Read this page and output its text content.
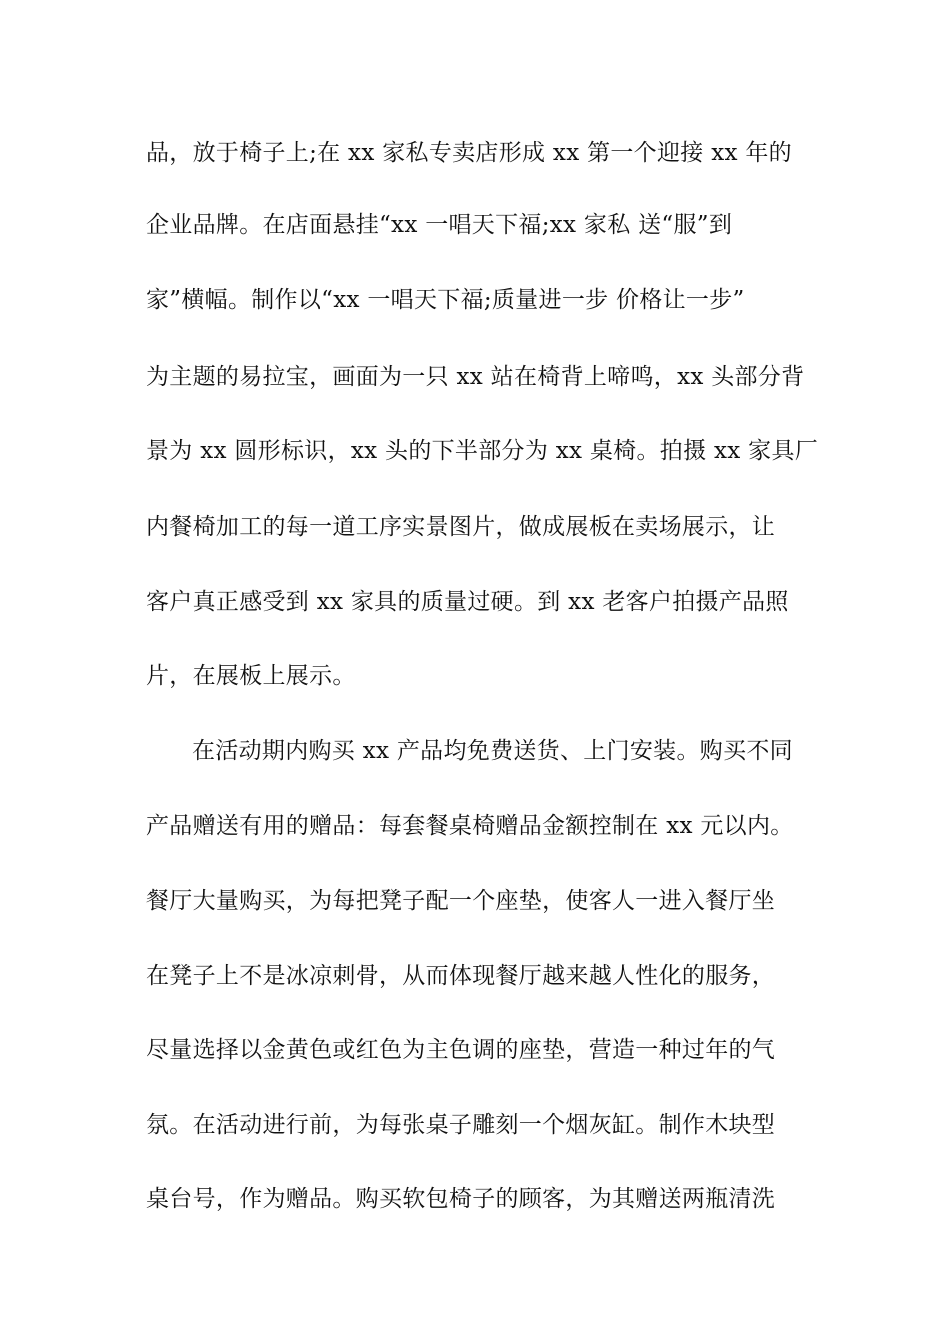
品，放于椅子上;在 xx 家私专卖店形成 xx 第一个迎接 xx 年的

企业品牌。在店面悬挂“xx 一唱天下福;xx 家私 送“服”到

家”横幅。制作以“xx 一唱天下福;质量进一步 价格让一步”

为主题的易拉宝，画面为一只 xx 站在椅背上啼鸣，xx 头部分背

景为 xx 圆形标识，xx 头的下半部分为 xx 桌椅。拍摄 xx 家具厂

内餐椅加工的每一道工序实景图片，做成展板在卖场展示，让

客户真正感受到 xx 家具的质量过硬。到 xx 老客户拍摄产品照

片，在展板上展示。

在活动期内购买 xx 产品均免费送货、上门安装。购买不同

产品赠送有用的赠品：每套餐桌椅赠品金额控制在 xx 元以内。

餐厅大量购买，为每把凳子配一个座垫，使客人一进入餐厅坐

在凳子上不是冰凉刺骨，从而体现餐厅越来越人性化的服务，

尽量选择以金黄色或红色为主色调的座垫，营造一种过年的气

氛。在活动进行前，为每张桌子雕刻一个烟灰缸。制作木块型

桌台号，作为赠品。购买软包椅子的顾客，为其赠送两瓶清洗
